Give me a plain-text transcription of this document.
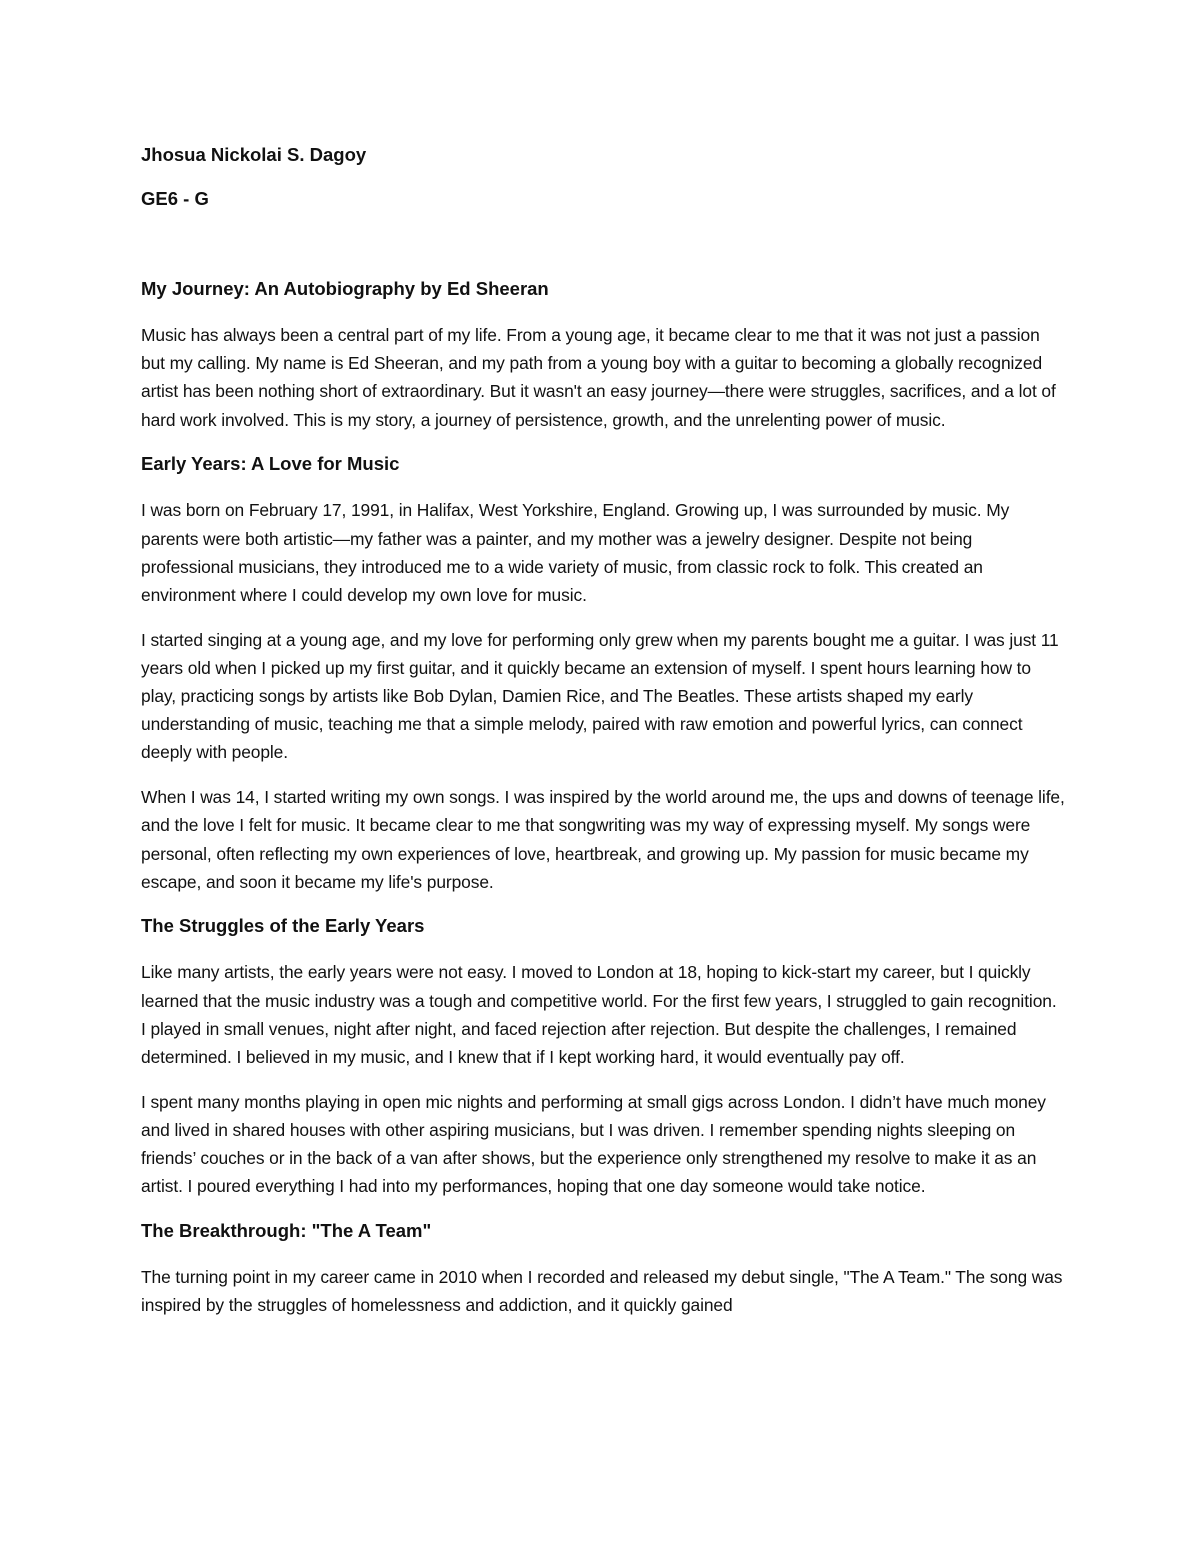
Jhosua Nickolai S. Dagoy

GE6 - G

My Journey: An Autobiography by Ed Sheeran

Music has always been a central part of my life. From a young age, it became clear to me that it was not just a passion but my calling. My name is Ed Sheeran, and my path from a young boy with a guitar to becoming a globally recognized artist has been nothing short of extraordinary. But it wasn't an easy journey—there were struggles, sacrifices, and a lot of hard work involved. This is my story, a journey of persistence, growth, and the unrelenting power of music.

Early Years: A Love for Music

I was born on February 17, 1991, in Halifax, West Yorkshire, England. Growing up, I was surrounded by music. My parents were both artistic—my father was a painter, and my mother was a jewelry designer. Despite not being professional musicians, they introduced me to a wide variety of music, from classic rock to folk. This created an environment where I could develop my own love for music.

I started singing at a young age, and my love for performing only grew when my parents bought me a guitar. I was just 11 years old when I picked up my first guitar, and it quickly became an extension of myself. I spent hours learning how to play, practicing songs by artists like Bob Dylan, Damien Rice, and The Beatles. These artists shaped my early understanding of music, teaching me that a simple melody, paired with raw emotion and powerful lyrics, can connect deeply with people.

When I was 14, I started writing my own songs. I was inspired by the world around me, the ups and downs of teenage life, and the love I felt for music. It became clear to me that songwriting was my way of expressing myself. My songs were personal, often reflecting my own experiences of love, heartbreak, and growing up. My passion for music became my escape, and soon it became my life's purpose.

The Struggles of the Early Years

Like many artists, the early years were not easy. I moved to London at 18, hoping to kick-start my career, but I quickly learned that the music industry was a tough and competitive world. For the first few years, I struggled to gain recognition. I played in small venues, night after night, and faced rejection after rejection. But despite the challenges, I remained determined. I believed in my music, and I knew that if I kept working hard, it would eventually pay off.

I spent many months playing in open mic nights and performing at small gigs across London. I didn’t have much money and lived in shared houses with other aspiring musicians, but I was driven. I remember spending nights sleeping on friends’ couches or in the back of a van after shows, but the experience only strengthened my resolve to make it as an artist. I poured everything I had into my performances, hoping that one day someone would take notice.

The Breakthrough: "The A Team"

The turning point in my career came in 2010 when I recorded and released my debut single, "The A Team." The song was inspired by the struggles of homelessness and addiction, and it quickly gained
